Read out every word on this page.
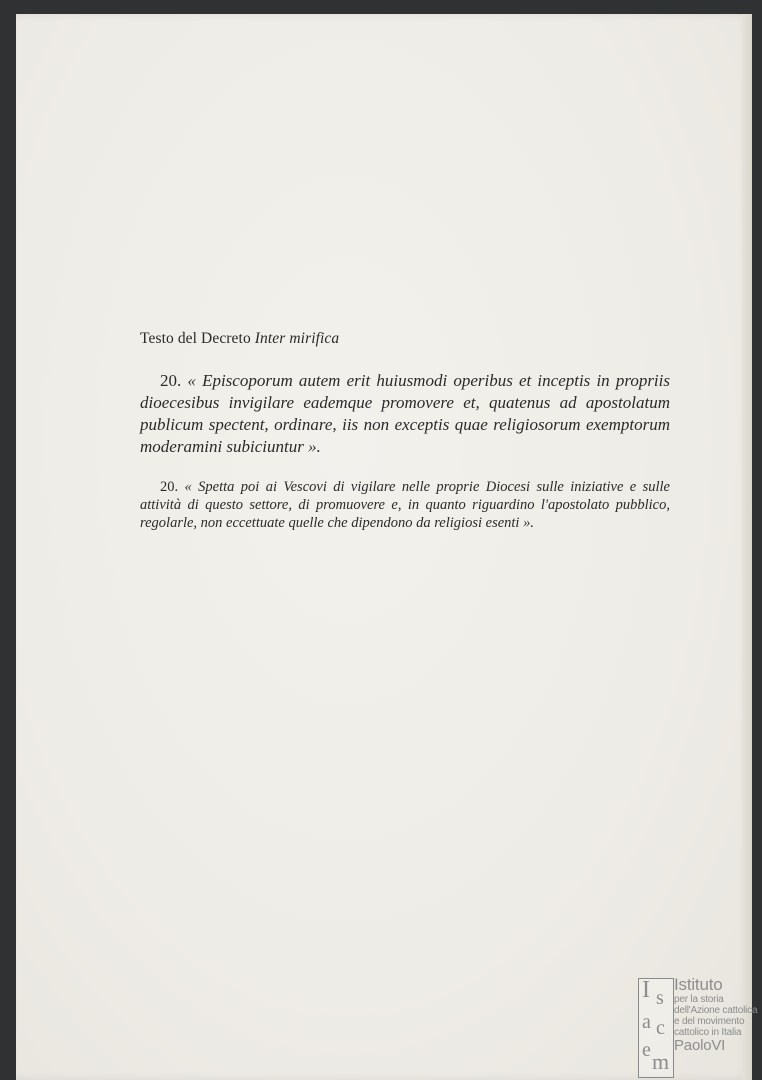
Testo del Decreto Inter mirifica

20. « Episcoporum autem erit huiusmodi operibus et inceptis in propriis dioecesibus invigilare eademque promovere et, quatenus ad apostolatum publicum spectent, ordinare, iis non exceptis quae religiosorum exemptorum moderamini subiciuntur ».

20. « Spetta poi ai Vescovi di vigilare nelle proprie Diocesi sulle iniziative e sulle attività di questo settore, di promuovere e, in quanto riguardino l'apostolato pubblico, regolarle, non eccettuate quelle che dipendono da religiosi esenti ».

I s
a c
e m
Istituto
per la storia
dell'Azione cattolica
e del movimento
cattolico in Italia
PaoloVI
